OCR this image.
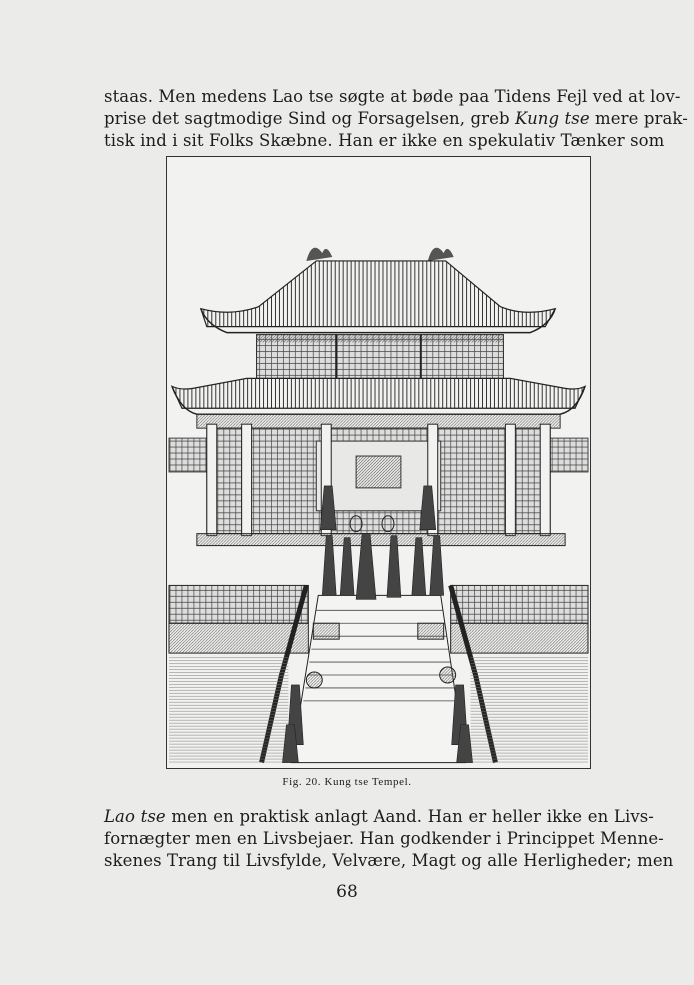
staas. Men medens Lao tse søgte at bøde paa Tidens Fejl ved at lov-
prise det sagtmodige Sind og Forsagelsen, greb Kung tse mere prak-
tisk ind i sit Folks Skæbne. Han er ikke en spekulativ Tænker som
Fig. 20. Kung tse Tempel.
Lao tse men en praktisk anlagt Aand. Han er heller ikke en Livs-
fornægter men en Livsbejaer. Han godkender i Princippet Menne-
skenes Trang til Livsfylde, Velvære, Magt og alle Herligheder; men
68
